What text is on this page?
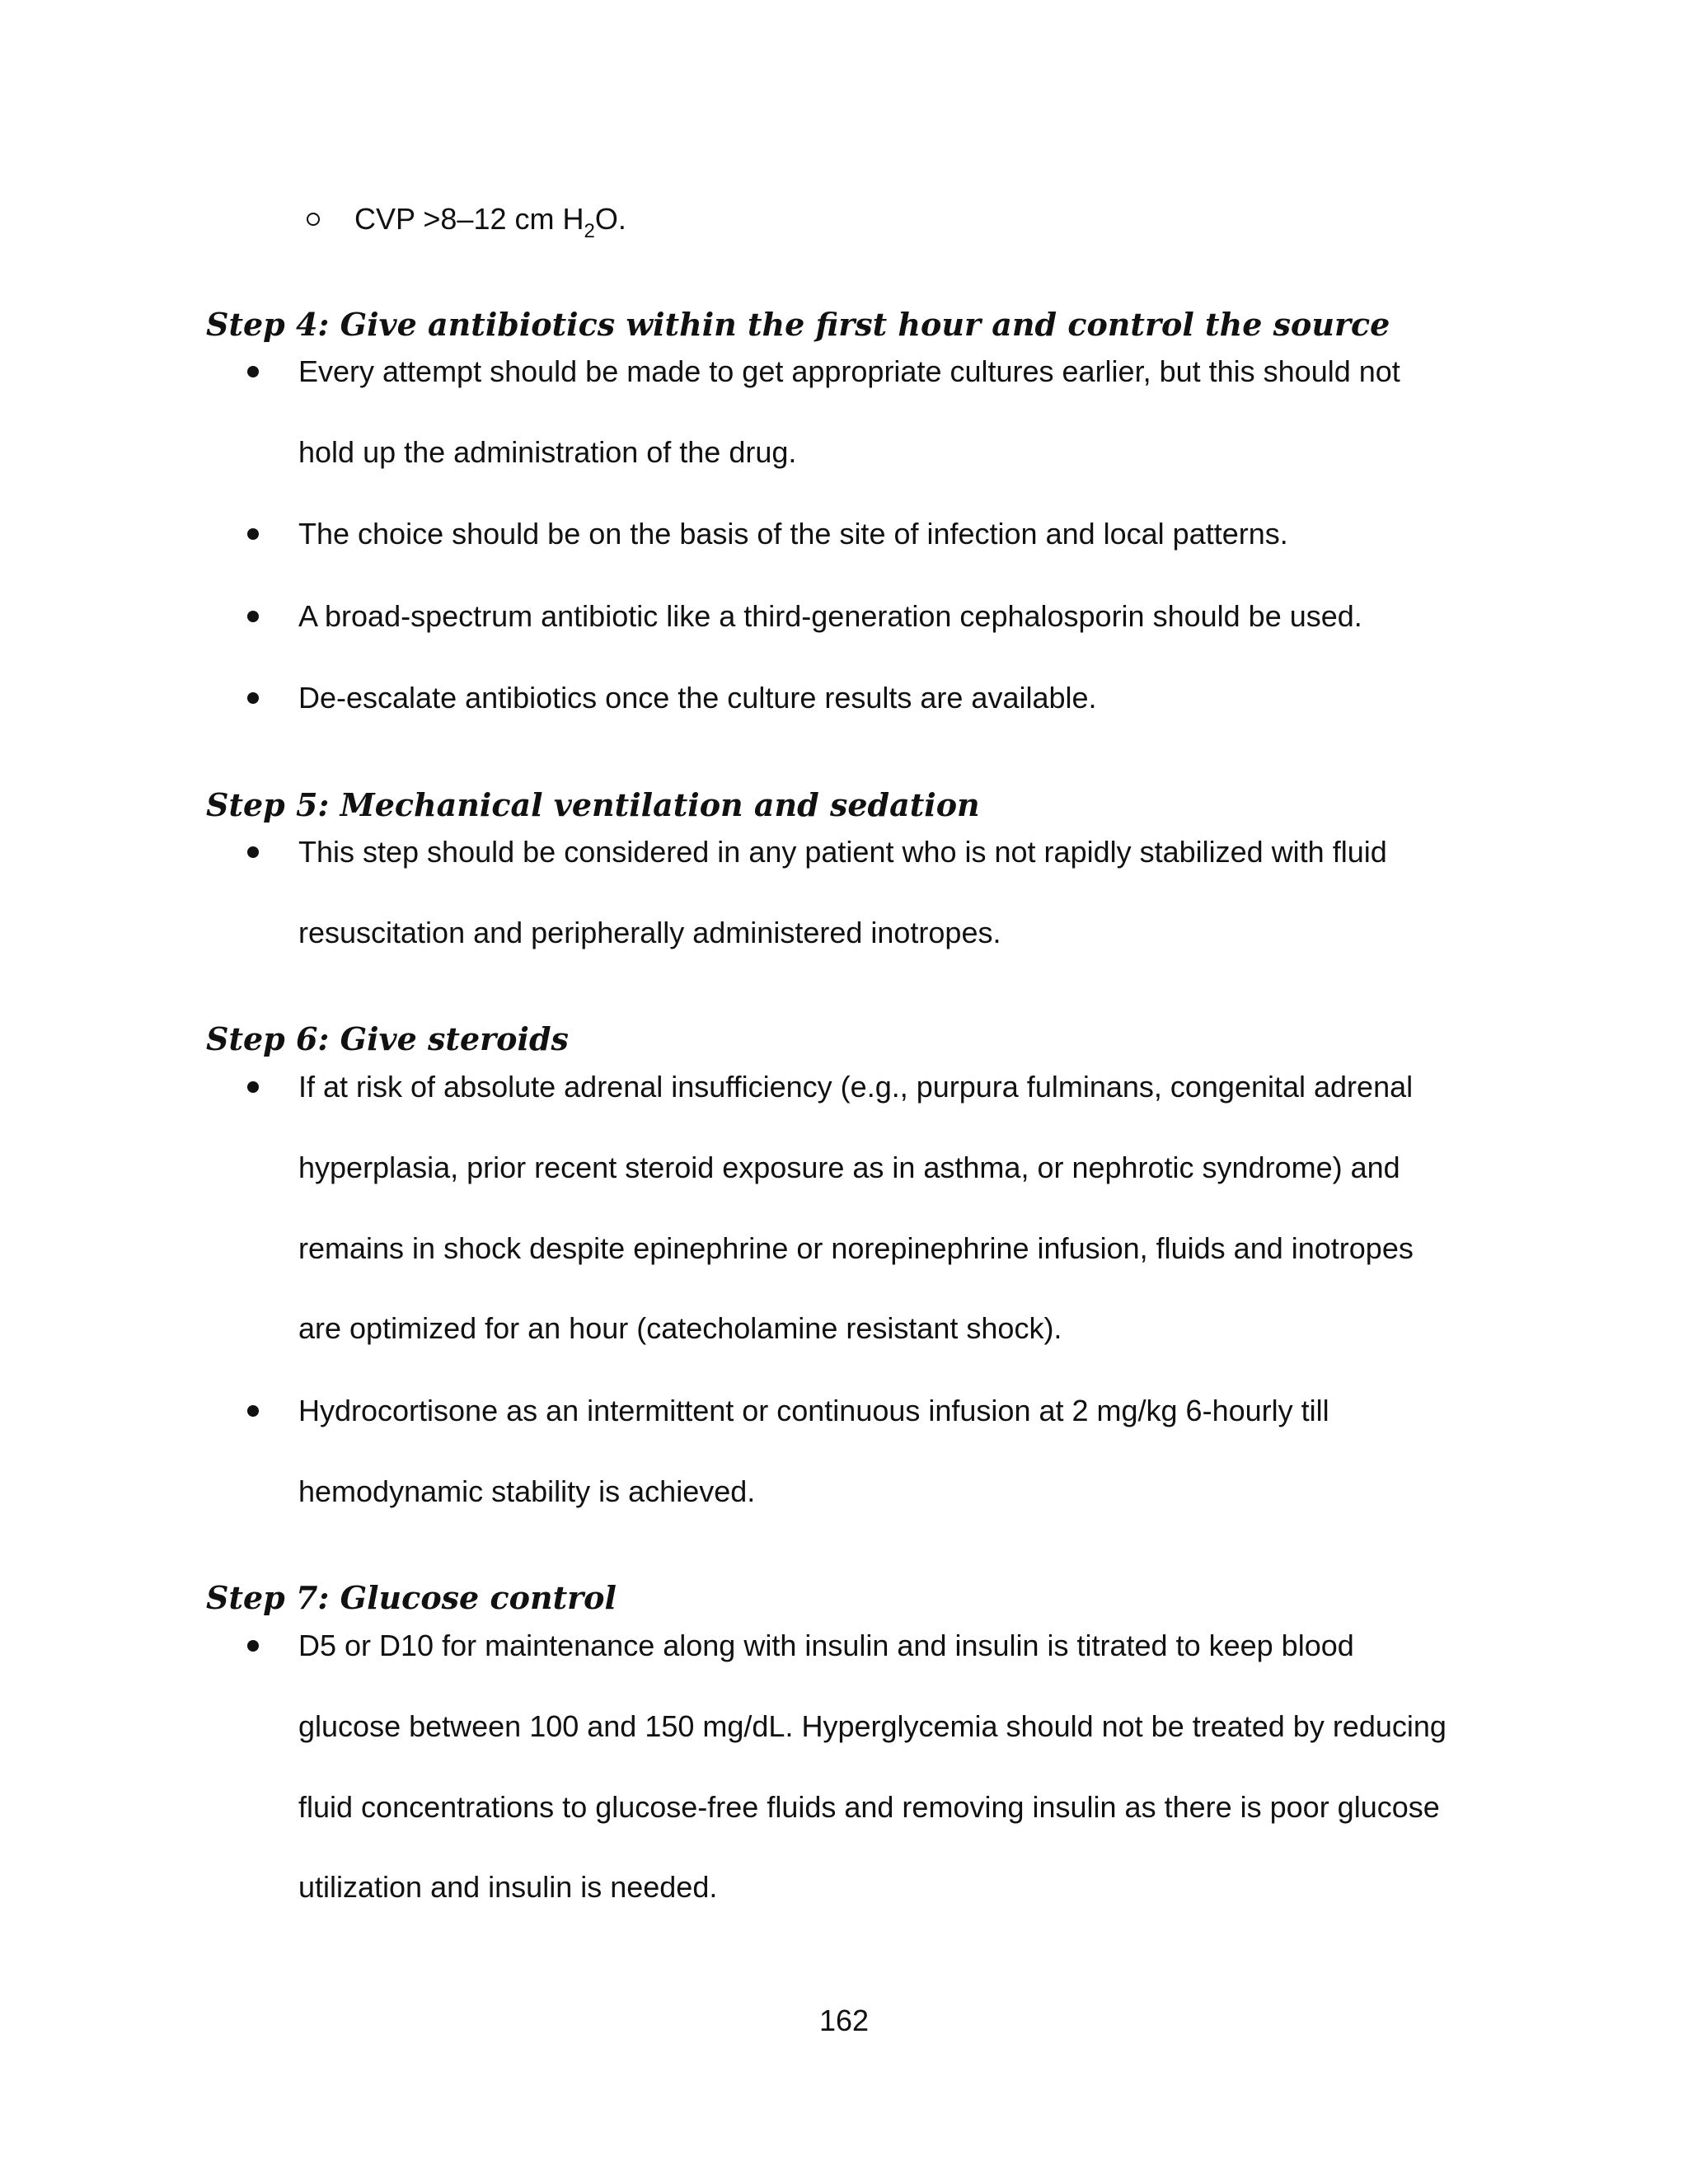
CVP >8–12 cm $H_2O$.
Step 4: Give antibiotics within the first hour and control the source
Every attempt should be made to get appropriate cultures earlier, but this should not
hold up the administration of the drug.
The choice should be on the basis of the site of infection and local patterns.
A broad-spectrum antibiotic like a third-generation cephalosporin should be used.
De-escalate antibiotics once the culture results are available.
Step 5: Mechanical ventilation and sedation
This step should be considered in any patient who is not rapidly stabilized with fluid
resuscitation and peripherally administered inotropes.
Step 6: Give steroids
If at risk of absolute adrenal insufficiency (e.g., purpura fulminans, congenital adrenal
hyperplasia, prior recent steroid exposure as in asthma, or nephrotic syndrome) and
remains in shock despite epinephrine or norepinephrine infusion, fluids and inotropes
are optimized for an hour (catecholamine resistant shock).
Hydrocortisone as an intermittent or continuous infusion at 2 mg/kg 6-hourly till
hemodynamic stability is achieved.
Step 7: Glucose control
D5 or D10 for maintenance along with insulin and insulin is titrated to keep blood
glucose between 100 and 150 mg/dL. Hyperglycemia should not be treated by reducing
fluid concentrations to glucose-free fluids and removing insulin as there is poor glucose
utilization and insulin is needed.
162
